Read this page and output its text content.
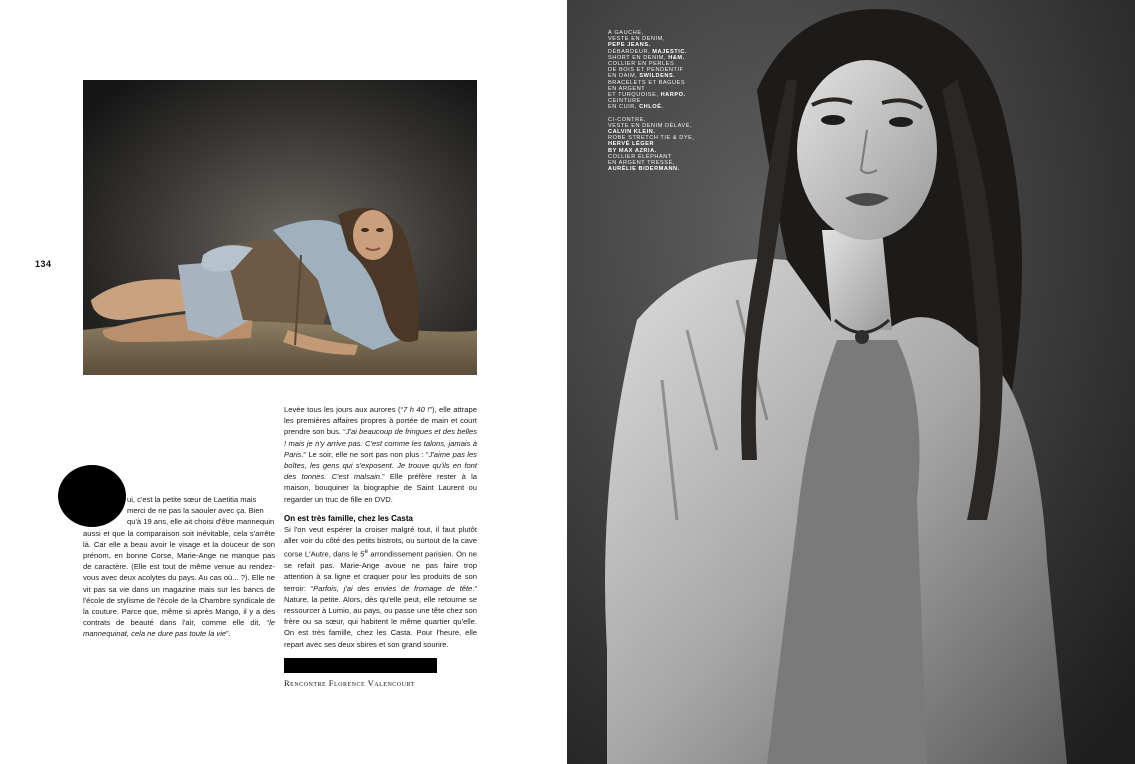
134

ui, c'est la petite sœur de Laetitia mais
merci de ne pas la saouler avec ça. Bien
qu'à 19 ans, elle ait choisi d'être mannequin
aussi et que la comparaison soit inévitable, cela s'arrête là. Car elle a beau avoir le visage et la douceur de son prénom, en bonne Corse, Marie-Ange ne manque pas de caractère. (Elle est tout de même venue au rendez-vous avec deux acolytes du pays. Au cas où... ?). Elle ne vit pas sa vie dans un magazine mais sur les bancs de l'école de stylisme de l'école de la Chambre syndicale de la couture. Parce que, même si après Mango, il y a des contrats de beauté dans l'air, comme elle dit, “le mannequinat, cela ne dure pas toute la vie”.

Levée tous les jours aux aurores (“7 h 40 !”), elle attrape les premières affaires propres à portée de main et court prendre son bus. “J'ai beaucoup de fringues et des belles ! mais je n'y arrive pas. C'est comme les talons, jamais à Paris.” Le soir, elle ne sort pas non plus : “J'aime pas les boîtes, les gens qui s'exposent. Je trouve qu'ils en font des tonnes. C'est malsain.” Elle préfère rester à la maison, bouquiner la biographie de Saint Laurent ou regarder un truc de fille en DVD.

On est très famille, chez les Casta

Si l'on veut espérer la croiser malgré tout, il faut plutôt aller voir du côté des petits bistrots, ou surtout de la cave corse L'Autre, dans le 5e arrondissement parisien. On ne se refait pas. Marie-Ange avoue ne pas faire trop attention à sa ligne et craquer pour les produits de son terroir: “Parfois, j'ai des envies de fromage de tête.” Nature, la petite. Alors, dès qu'elle peut, elle retourne se ressourcer à Lumio, au pays, ou passe une tête chez son frère ou sa sœur, qui habitent le même quartier qu'elle. On est très famille, chez les Casta. Pour l'heure, elle repart avec ses deux sbires et son grand sourire.

Rencontre Florence Valencourt
À GAUCHE,
VESTE EN DENIM,
PEPE JEANS.
DÉBARDEUR, MAJESTIC.
SHORT EN DENIM, H&M.
COLLIER EN PERLES
DE BOIS ET PENDENTIF
EN DAIM, SWILDENS.
BRACELETS ET BAGUES
EN ARGENT
ET TURQUOISE, HARPO.
CEINTURE
EN CUIR, CHLOÉ.
CI-CONTRE,
VESTE EN DENIM DÉLAVÉ,
CALVIN KLEIN.
ROBE STRETCH TIE & DYE,
HERVÉ LÉGER
BY MAX AZRIA.
COLLIER ÉLÉPHANT
EN ARGENT TRESSÉ,
AURÉLIE BIDERMANN.
